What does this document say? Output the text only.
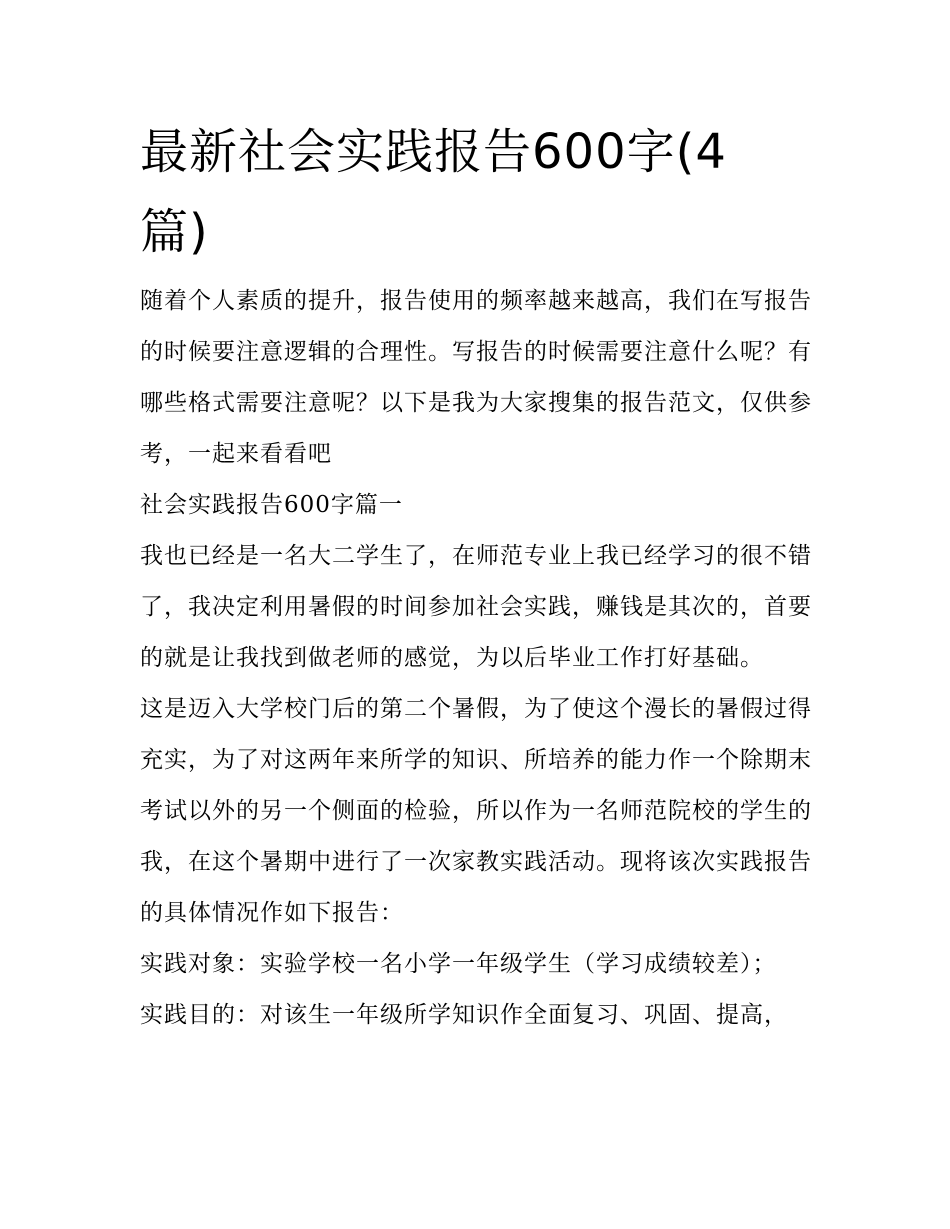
最新社会实践报告600字(4篇)

随着个人素质的提升，报告使用的频率越来越高，我们在写报告的时候要注意逻辑的合理性。写报告的时候需要注意什么呢？有哪些格式需要注意呢？以下是我为大家搜集的报告范文，仅供参考，一起来看看吧

社会实践报告600字篇一

我也已经是一名大二学生了，在师范专业上我已经学习的很不错了，我决定利用暑假的时间参加社会实践，赚钱是其次的，首要的就是让我找到做老师的感觉，为以后毕业工作打好基础。

这是迈入大学校门后的第二个暑假，为了使这个漫长的暑假过得充实，为了对这两年来所学的知识、所培养的能力作一个除期末考试以外的另一个侧面的检验，所以作为一名师范院校的学生的我，在这个暑期中进行了一次家教实践活动。现将该次实践报告的具体情况作如下报告：

实践对象：实验学校一名小学一年级学生（学习成绩较差）；

实践目的：对该生一年级所学知识作全面复习、巩固、提高，
